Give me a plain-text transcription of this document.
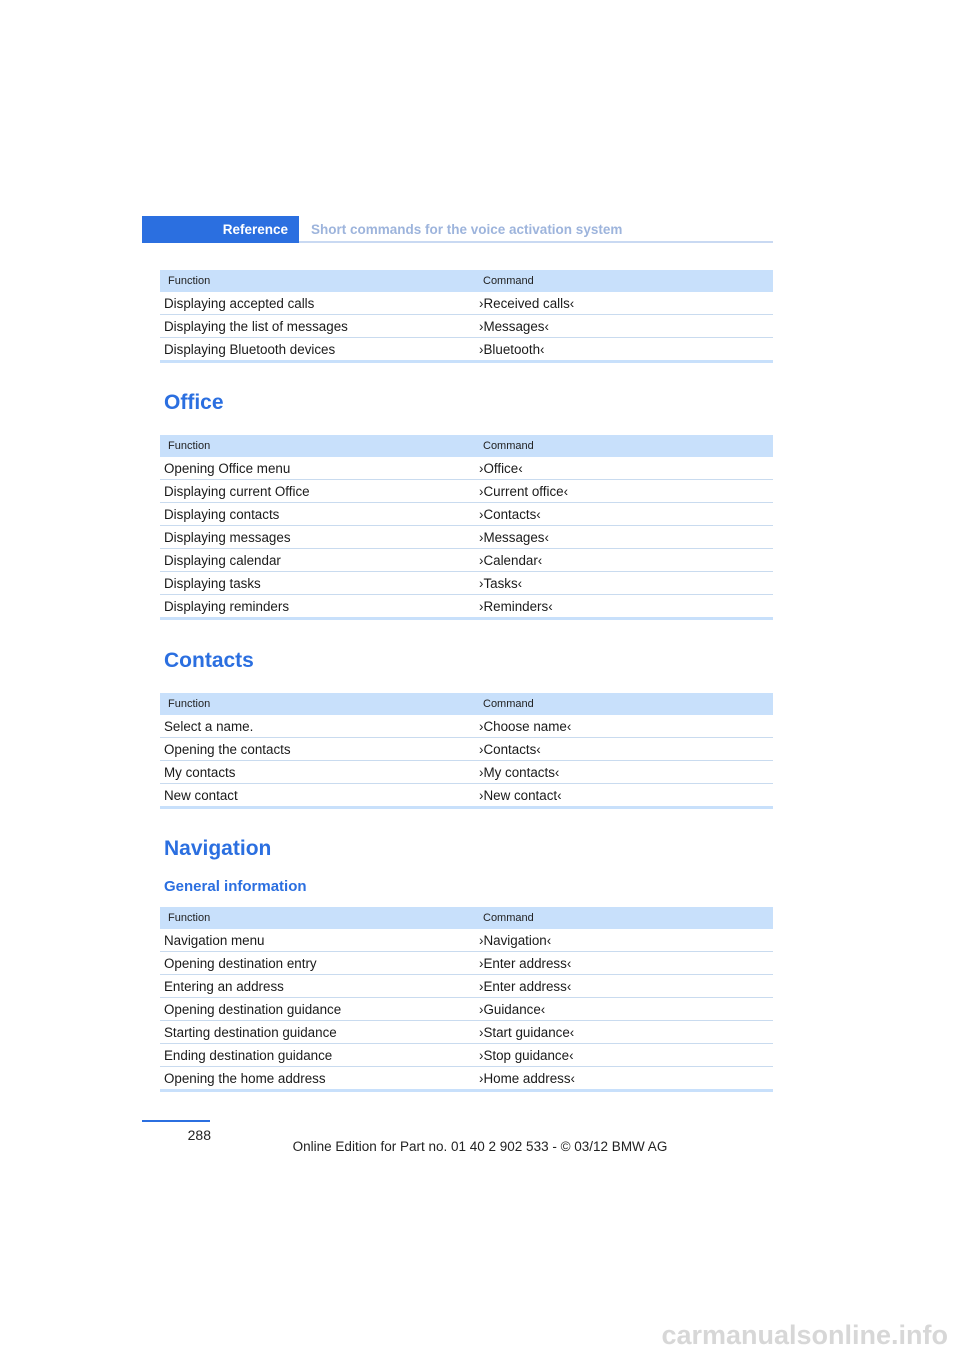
Reference Short commands for the voice activation system
Function	Command
Displaying accepted calls	›Received calls‹
Displaying the list of messages	›Messages‹
Displaying Bluetooth devices	›Bluetooth‹
Office
Function	Command
Opening Office menu	›Office‹
Displaying current Office	›Current office‹
Displaying contacts	›Contacts‹
Displaying messages	›Messages‹
Displaying calendar	›Calendar‹
Displaying tasks	›Tasks‹
Displaying reminders	›Reminders‹
Contacts
Function	Command
Select a name.	›Choose name‹
Opening the contacts	›Contacts‹
My contacts	›My contacts‹
New contact	›New contact‹
Navigation
General information
Function	Command
Navigation menu	›Navigation‹
Opening destination entry	›Enter address‹
Entering an address	›Enter address‹
Opening destination guidance	›Guidance‹
Starting destination guidance	›Start guidance‹
Ending destination guidance	›Stop guidance‹
Opening the home address	›Home address‹
288
Online Edition for Part no. 01 40 2 902 533 - © 03/12 BMW AG
carmanualsonline.info
